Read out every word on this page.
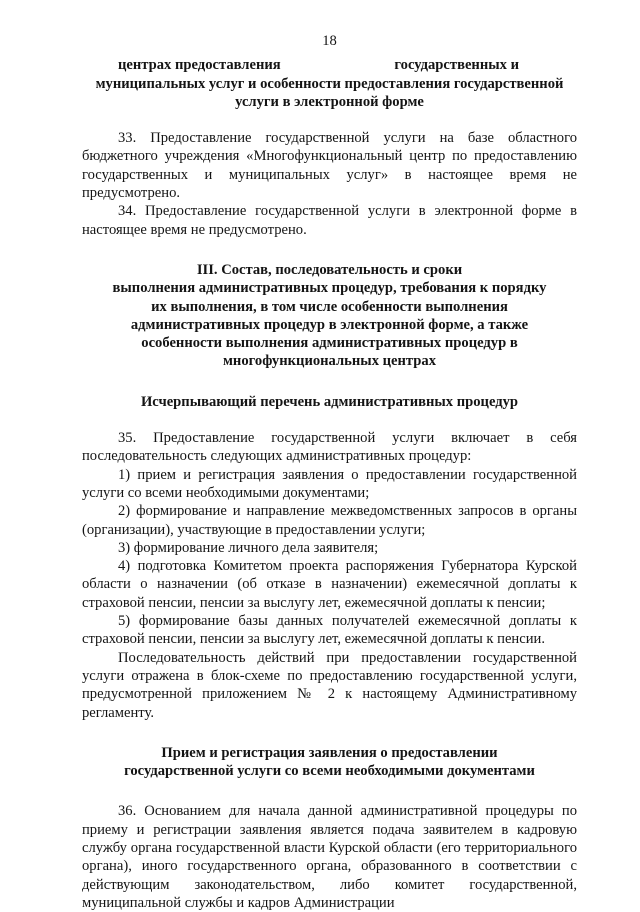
18
центрах предоставления	государственных и
муниципальных услуг и особенности предоставления государственной
услуги в электронной форме

33. Предоставление государственной услуги на базе областного бюджетного учреждения «Многофункциональный центр по предоставлению государственных и муниципальных услуг» в настоящее время не предусмотрено.

34. Предоставление государственной услуги в электронной форме в настоящее время не предусмотрено.

III. Состав, последовательность и сроки
выполнения административных процедур, требования к порядку
их выполнения, в том числе особенности выполнения
административных процедур в электронной форме, а также
особенности выполнения административных процедур в
многофункциональных центрах
Исчерпывающий перечень административных процедур

35. Предоставление государственной услуги включает в себя последовательность следующих административных процедур:

1) прием и регистрация заявления о предоставлении государственной услуги со всеми необходимыми документами;

2) формирование и направление межведомственных запросов в органы (организации), участвующие в предоставлении услуги;

3) формирование личного дела заявителя;

4) подготовка Комитетом проекта распоряжения Губернатора Курской области о назначении (об отказе в назначении) ежемесячной доплаты к страховой пенсии, пенсии за выслугу лет, ежемесячной доплаты к пенсии;

5) формирование базы данных получателей ежемесячной доплаты к страховой пенсии, пенсии за выслугу лет, ежемесячной доплаты к пенсии.

Последовательность действий при предоставлении государственной услуги отражена в блок-схеме по предоставлению государственной услуги, предусмотренной приложением № 2 к настоящему Административному регламенту.

Прием и регистрация заявления о предоставлении
государственной услуги со всеми необходимыми документами

36. Основанием для начала данной административной процедуры по приему и регистрации заявления является подача заявителем в кадровую службу органа государственной власти Курской области (его территориального органа), иного государственного органа, образованного в соответствии с действующим законодательством, либо комитет государственной, муниципальной службы и кадров Администрации
